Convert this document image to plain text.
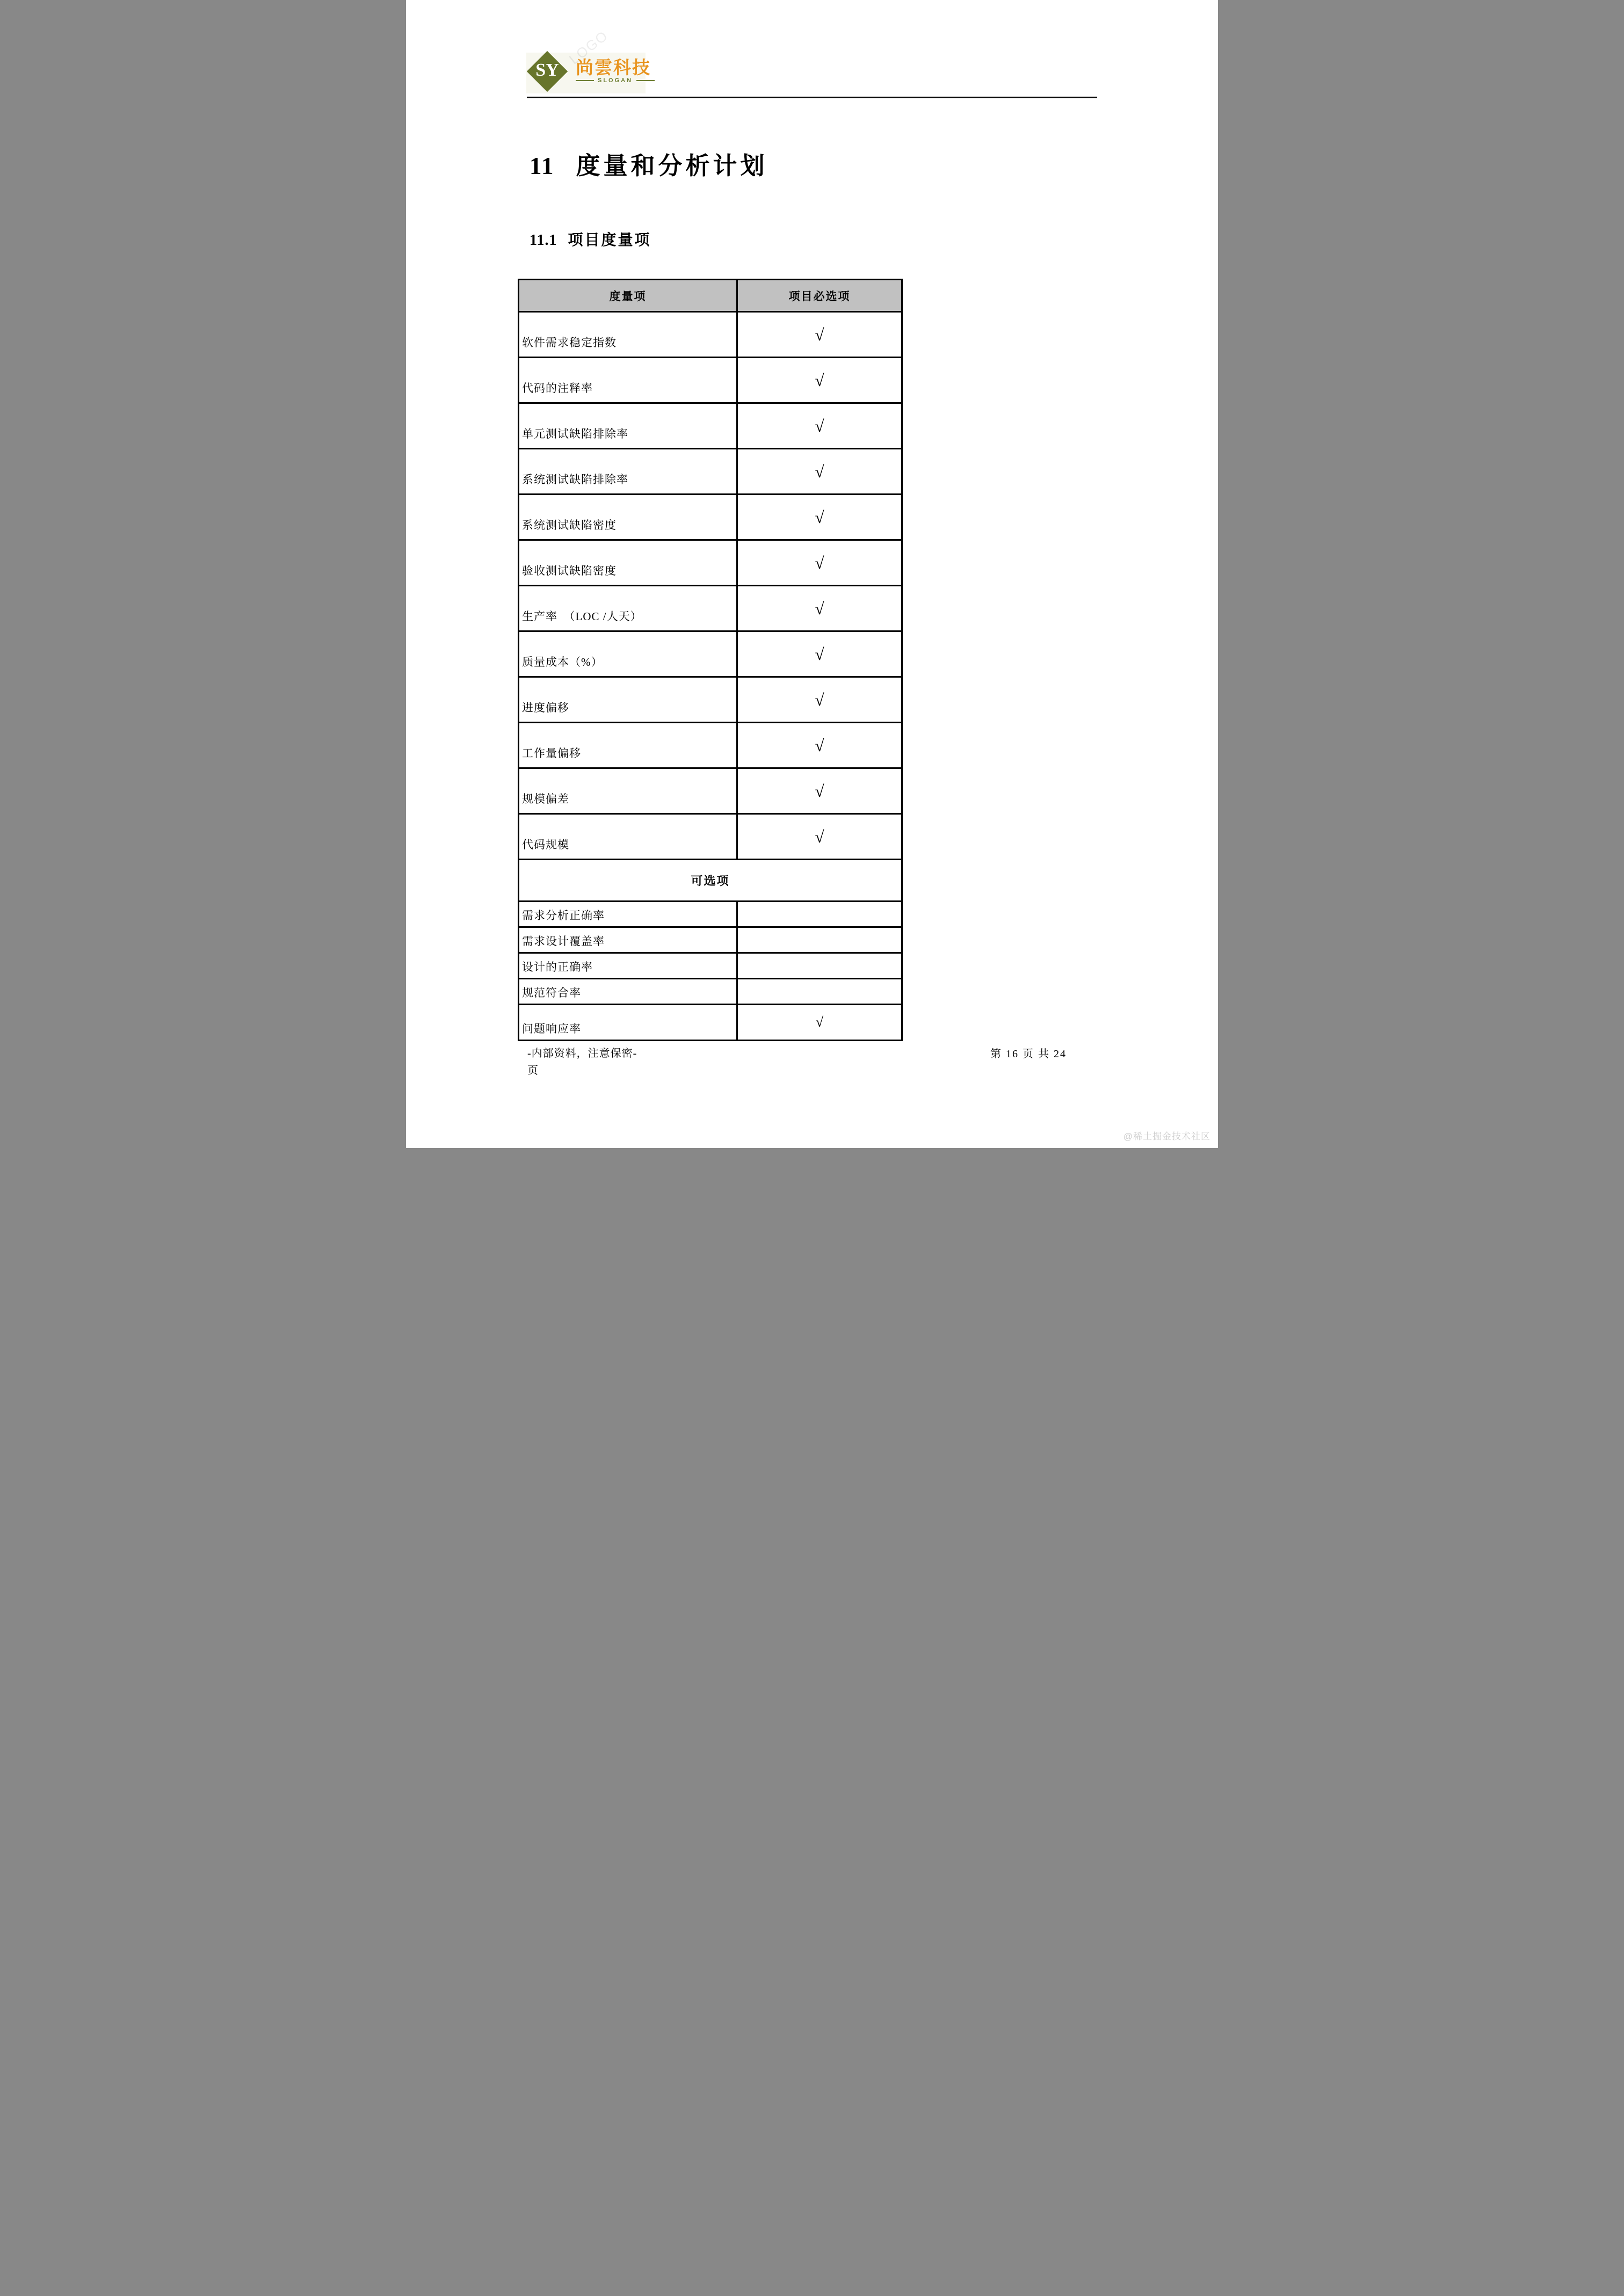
LOGO
SY 尚雲科技
SLOGAN
11 度量和分析计划
11.1 项目度量项
度量项	项目必选项
软件需求稳定指数	√
代码的注释率	√
单元测试缺陷排除率	√
系统测试缺陷排除率	√
系统测试缺陷密度	√
验收测试缺陷密度	√
生产率　（LOC /人天）	√
质量成本（%）	√
进度偏移	√
工作量偏移	√
规模偏差	√
代码规模	√
可选项
需求分析正确率
需求设计覆盖率
设计的正确率
规范符合率
问题响应率	√
-内部资料，注意保密-
页
第 16 页 共 24
@稀土掘金技术社区
